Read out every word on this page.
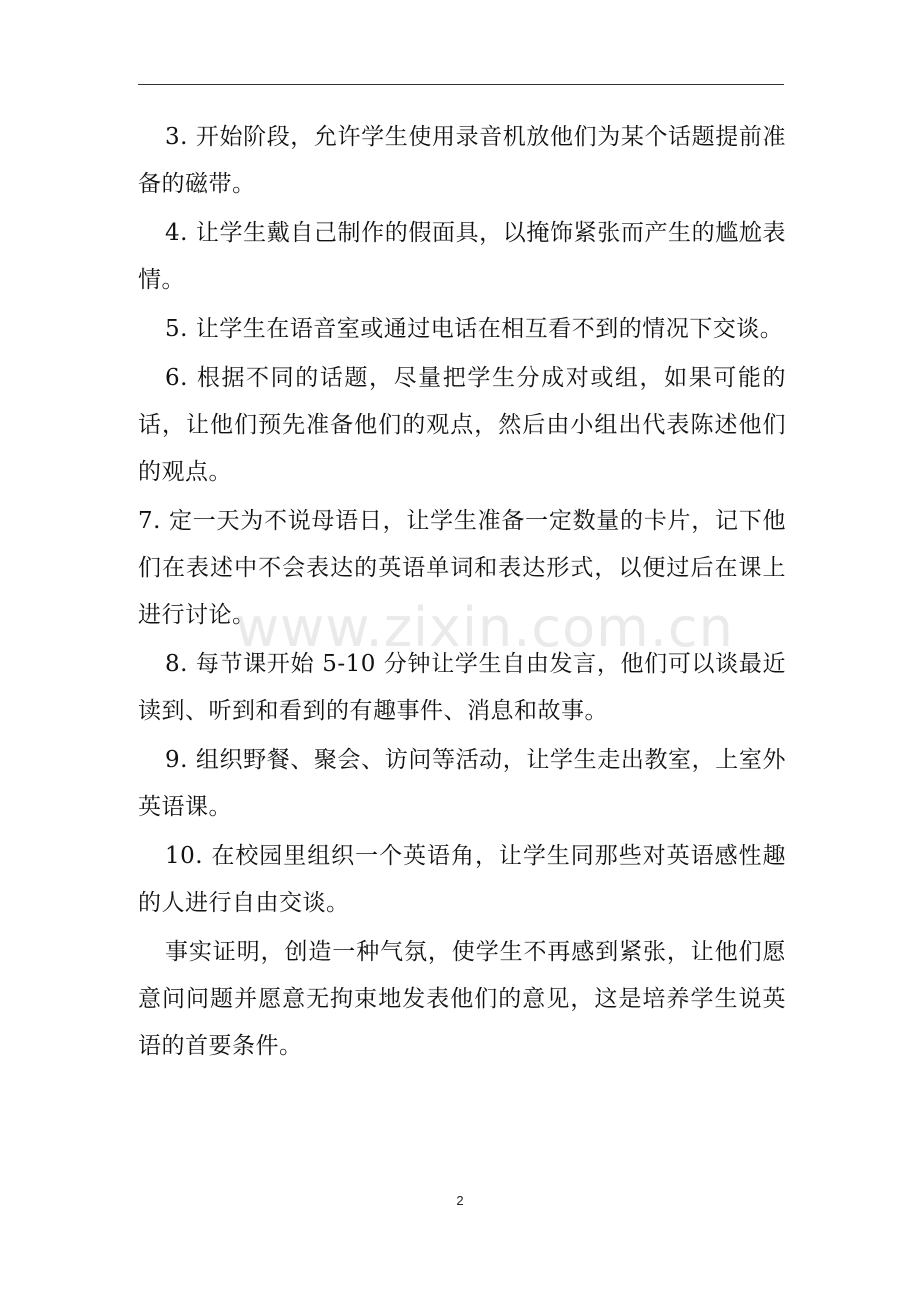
3. 开始阶段，允许学生使用录音机放他们为某个话题提前准备的磁带。

4. 让学生戴自己制作的假面具，以掩饰紧张而产生的尴尬表情。

5. 让学生在语音室或通过电话在相互看不到的情况下交谈。

6. 根据不同的话题，尽量把学生分成对或组，如果可能的话，让他们预先准备他们的观点，然后由小组出代表陈述他们的观点。

7. 定一天为不说母语日，让学生准备一定数量的卡片，记下他们在表述中不会表达的英语单词和表达形式，以便过后在课上进行讨论。

8. 每节课开始 5-10 分钟让学生自由发言，他们可以谈最近读到、听到和看到的有趣事件、消息和故事。

9. 组织野餐、聚会、访问等活动，让学生走出教室，上室外英语课。

10. 在校园里组织一个英语角，让学生同那些对英语感性趣的人进行自由交谈。

事实证明，创造一种气氛，使学生不再感到紧张，让他们愿意问问题并愿意无拘束地发表他们的意见，这是培养学生说英语的首要条件。

www.zixin.com.cn
2
